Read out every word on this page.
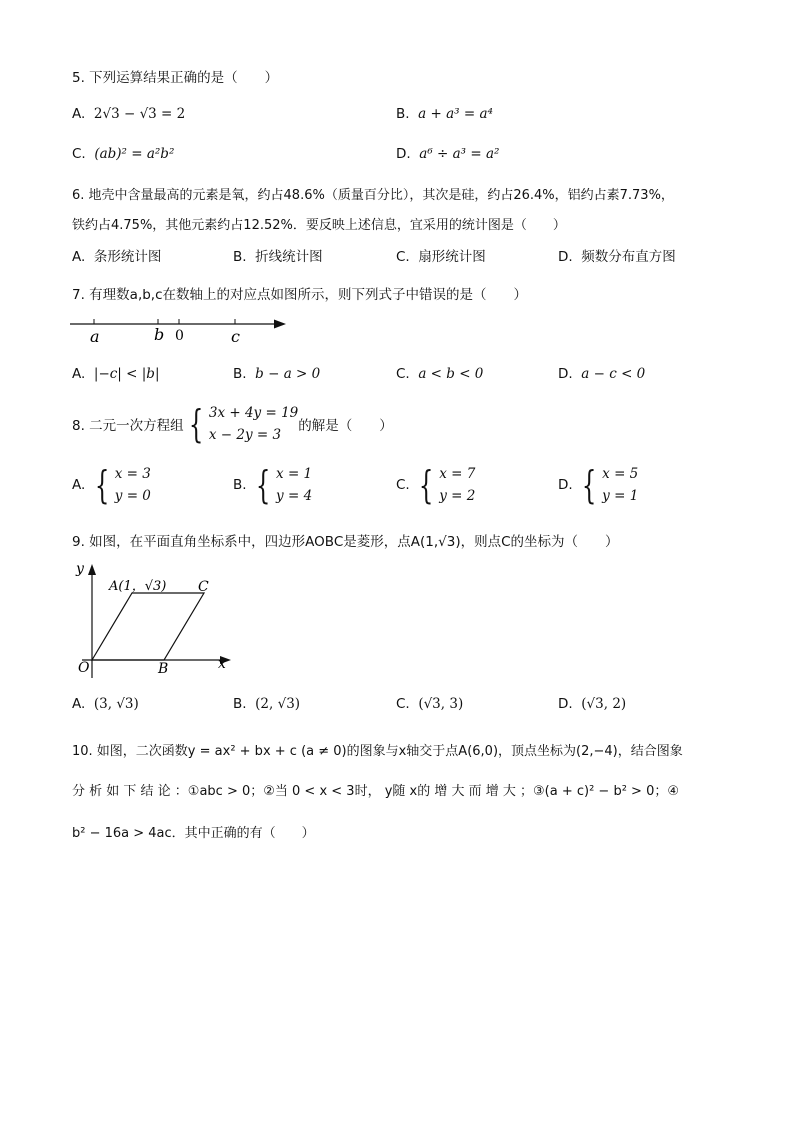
5. 下列运算结果正确的是（　　）
A. 2√3 − √3 = 2	B. a + a³ = a⁴
C. (ab)² = a²b²	D. a⁶ ÷ a³ = a²
6. 地壳中含量最高的元素是氧，约占48.6%（质量百分比），其次是硅，约占26.4%，铝约占素7.73%，
铁约占4.75%，其他元素约占12.52%．要反映上述信息，宜采用的统计图是（　　）
A. 条形统计图	B. 折线统计图	C. 扇形统计图	D. 频数分布直方图
7. 有理数a,b,c在数轴上的对应点如图所示，则下列式子中错误的是（　　）
a	b 0	c
A. |−c| < |b|	B. b − a > 0	C. a < b < 0	D. a − c < 0
8. 二元一次方程组 { 3x + 4y = 19
x − 2y = 3
的解是（　　）
A.
{ x = 3
y = 0
B.
{ x = 1
y = 4
C.
{ x = 7
y = 2
D.
{ x = 5
y = 1
9. 如图，在平面直角坐标系中，四边形AOBC是菱形，点A(1,√3)，则点C的坐标为（　　）
y
x
A(1，√3) C
O	B
A. (3, √3)	B. (2, √3)	C. (√3, 3)	D. (√3, 2)
10. 如图，二次函数y = ax² + bx + c (a ≠ 0)的图象与x轴交于点A(6,0)，顶点坐标为(2,−4)，结合图象
分 析 如 下 结 论 ：①abc > 0；②当 0 < x < 3时， y随 x的 增 大 而 增 大 ；③(a + c)² − b² > 0；④
b² − 16a > 4ac．其中正确的有（　　）
